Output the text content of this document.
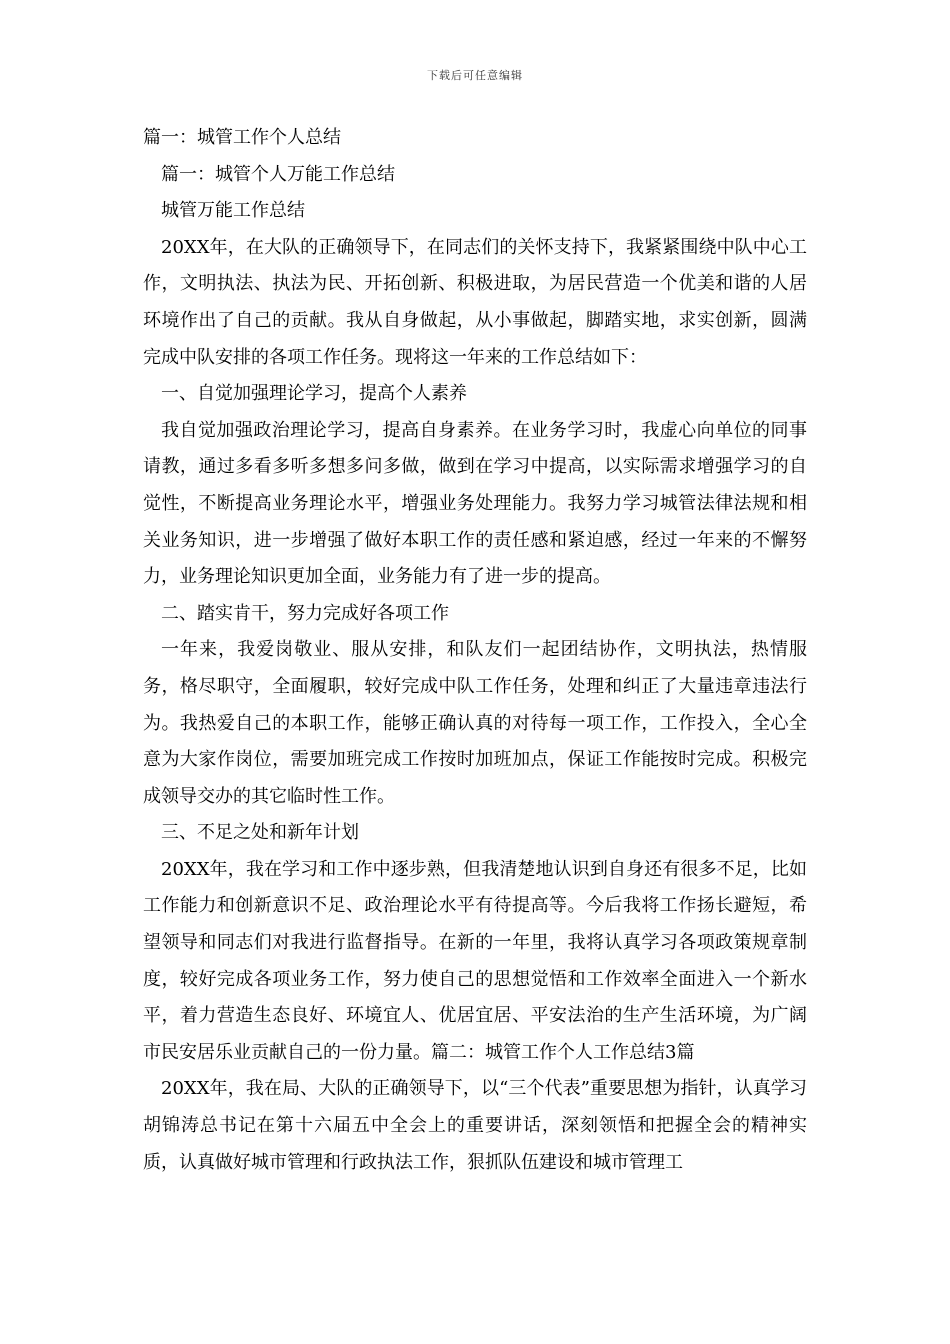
下载后可任意编辑

篇一：城管工作个人总结

篇一：城管个人万能工作总结

城管万能工作总结

20XX年，在大队的正确领导下，在同志们的关怀支持下，我紧紧围绕中队中心工作，文明执法、执法为民、开拓创新、积极进取，为居民营造一个优美和谐的人居环境作出了自己的贡献。我从自身做起，从小事做起，脚踏实地，求实创新，圆满完成中队安排的各项工作任务。现将这一年来的工作总结如下：

一、自觉加强理论学习，提高个人素养

我自觉加强政治理论学习，提高自身素养。在业务学习时，我虚心向单位的同事请教，通过多看多听多想多问多做，做到在学习中提高，以实际需求增强学习的自觉性，不断提高业务理论水平，增强业务处理能力。我努力学习城管法律法规和相关业务知识，进一步增强了做好本职工作的责任感和紧迫感，经过一年来的不懈努力，业务理论知识更加全面，业务能力有了进一步的提高。

二、踏实肯干，努力完成好各项工作

一年来，我爱岗敬业、服从安排，和队友们一起团结协作，文明执法，热情服务，格尽职守，全面履职，较好完成中队工作任务，处理和纠正了大量违章违法行为。我热爱自己的本职工作，能够正确认真的对待每一项工作，工作投入，全心全意为大家作岗位，需要加班完成工作按时加班加点，保证工作能按时完成。积极完成领导交办的其它临时性工作。

三、不足之处和新年计划

20XX年，我在学习和工作中逐步熟，但我清楚地认识到自身还有很多不足，比如工作能力和创新意识不足、政治理论水平有待提高等。今后我将工作扬长避短，希望领导和同志们对我进行监督指导。在新的一年里，我将认真学习各项政策规章制度，较好完成各项业务工作，努力使自己的思想觉悟和工作效率全面进入一个新水平，着力营造生态良好、环境宜人、优居宜居、平安法治的生产生活环境，为广阔市民安居乐业贡献自己的一份力量。篇二：城管工作个人工作总结3篇

20XX年，我在局、大队的正确领导下，以“三个代表”重要思想为指针，认真学习胡锦涛总书记在第十六届五中全会上的重要讲话，深刻领悟和把握全会的精神实质，认真做好城市管理和行政执法工作，狠抓队伍建设和城市管理工
